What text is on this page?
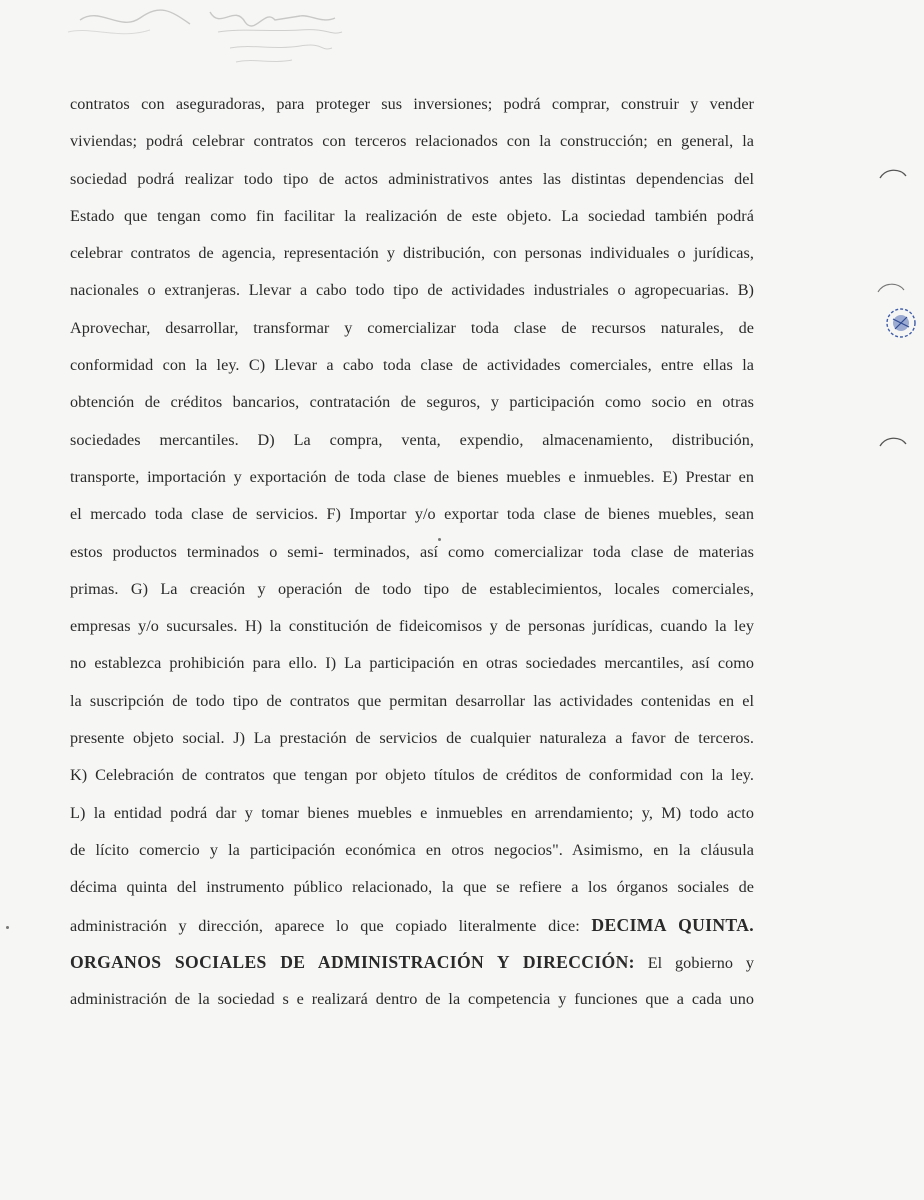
contratos con aseguradoras, para proteger sus inversiones; podrá comprar, construir y vender
viviendas; podrá celebrar contratos con terceros relacionados con la construcción; en general, la
sociedad podrá realizar todo tipo de actos administrativos antes las distintas dependencias del
Estado que tengan como fin facilitar la realización de este objeto. La sociedad también podrá
celebrar contratos de agencia, representación y distribución, con personas individuales o jurídicas,
nacionales o extranjeras. Llevar a cabo todo tipo de actividades industriales o agropecuarias. B)
Aprovechar, desarrollar, transformar y comercializar toda clase de recursos naturales, de
conformidad con la ley. C) Llevar a cabo toda clase de actividades comerciales, entre ellas la
obtención de créditos bancarios, contratación de seguros, y participación como socio en otras
sociedades mercantiles. D) La compra, venta, expendio, almacenamiento, distribución,
transporte, importación y exportación de toda clase de bienes muebles e inmuebles. E) Prestar en
el mercado toda clase de servicios. F) Importar y/o exportar toda clase de bienes muebles, sean
estos productos terminados o semi- terminados, así como comercializar toda clase de materias
primas. G) La creación y operación de todo tipo de establecimientos, locales comerciales,
empresas y/o sucursales. H) la constitución de fideicomisos y de personas jurídicas, cuando la ley
no establezca prohibición para ello. I) La participación en otras sociedades mercantiles, así como
la suscripción de todo tipo de contratos que permitan desarrollar las actividades contenidas en el
presente objeto social. J) La prestación de servicios de cualquier naturaleza a favor de terceros.
K) Celebración de contratos que tengan por objeto títulos de créditos de conformidad con la ley.
L) la entidad podrá dar y tomar bienes muebles e inmuebles en arrendamiento; y, M) todo acto
de lícito comercio y la participación económica en otros negocios". Asimismo, en la cláusula
décima quinta del instrumento público relacionado, la que se refiere a los órganos sociales de
administración y dirección, aparece lo que copiado literalmente dice: DECIMA QUINTA.
ORGANOS SOCIALES DE ADMINISTRACIÓN Y DIRECCIÓN: El gobierno y
administración de la sociedad s e realizará dentro de la competencia y funciones que a cada uno
